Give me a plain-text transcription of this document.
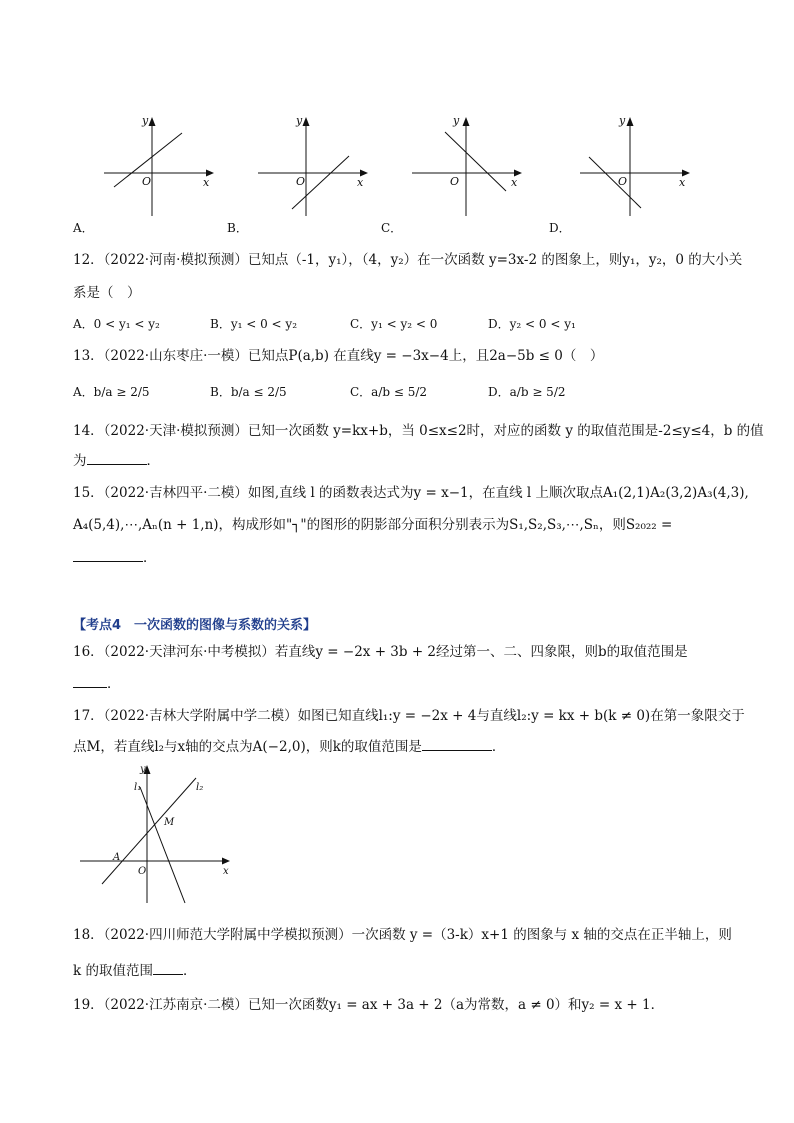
y
x
O
y
x
O
y
x
O
y
x
O
A．	B．	C．	D．
12．（2022·河南·模拟预测）已知点（-1，y₁），（4，y₂）在一次函数 y=3x-2 的图象上，则y₁，y₂，0 的大小关
系是（　）
A．0 < y₁ < y₂	B．y₁ < 0 < y₂	C．y₁ < y₂ < 0	D．y₂ < 0 < y₁
13．（2022·山东枣庄·一模）已知点P(a,b) 在直线y = −3x−4上，且2a−5b ≤ 0（　）
A．b/a ≥ 2/5	B．b/a ≤ 2/5	C．a/b ≤ 5/2	D．a/b ≥ 5/2
14．（2022·天津·模拟预测）已知一次函数 y=kx+b，当 0≤x≤2时，对应的函数 y 的取值范围是-2≤y≤4，b 的值
为	．
15．（2022·吉林四平·二模）如图,直线 l 的函数表达式为y = x−1，在直线 l 上顺次取点A₁(2,1)A₂(3,2)A₃(4,3),
A₄(5,4),⋯,Aₙ(n + 1,n)，构成形如"┐"的图形的阴影部分面积分别表示为S₁,S₂,S₃,⋯,Sₙ，则S₂₀₂₂ =
．
【考点4　一次函数的图像与系数的关系】
16．（2022·天津河东·中考模拟）若直线y = −2x + 3b + 2经过第一、二、四象限，则b的取值范围是
．
17．（2022·吉林大学附属中学二模）如图已知直线l₁:y = −2x + 4与直线l₂:y = kx + b(k ≠ 0)在第一象限交于
点M，若直线l₂与x轴的交点为A(−2,0)，则k的取值范围是	．
y
x
O
l₁	l₂
M
A
18．（2022·四川师范大学附属中学模拟预测）一次函数 y =（3-k）x+1 的图象与 x 轴的交点在正半轴上，则
k 的取值范围 ．
19．（2022·江苏南京·二模）已知一次函数y₁ = ax + 3a + 2（a为常数，a ≠ 0）和y₂ = x + 1．
